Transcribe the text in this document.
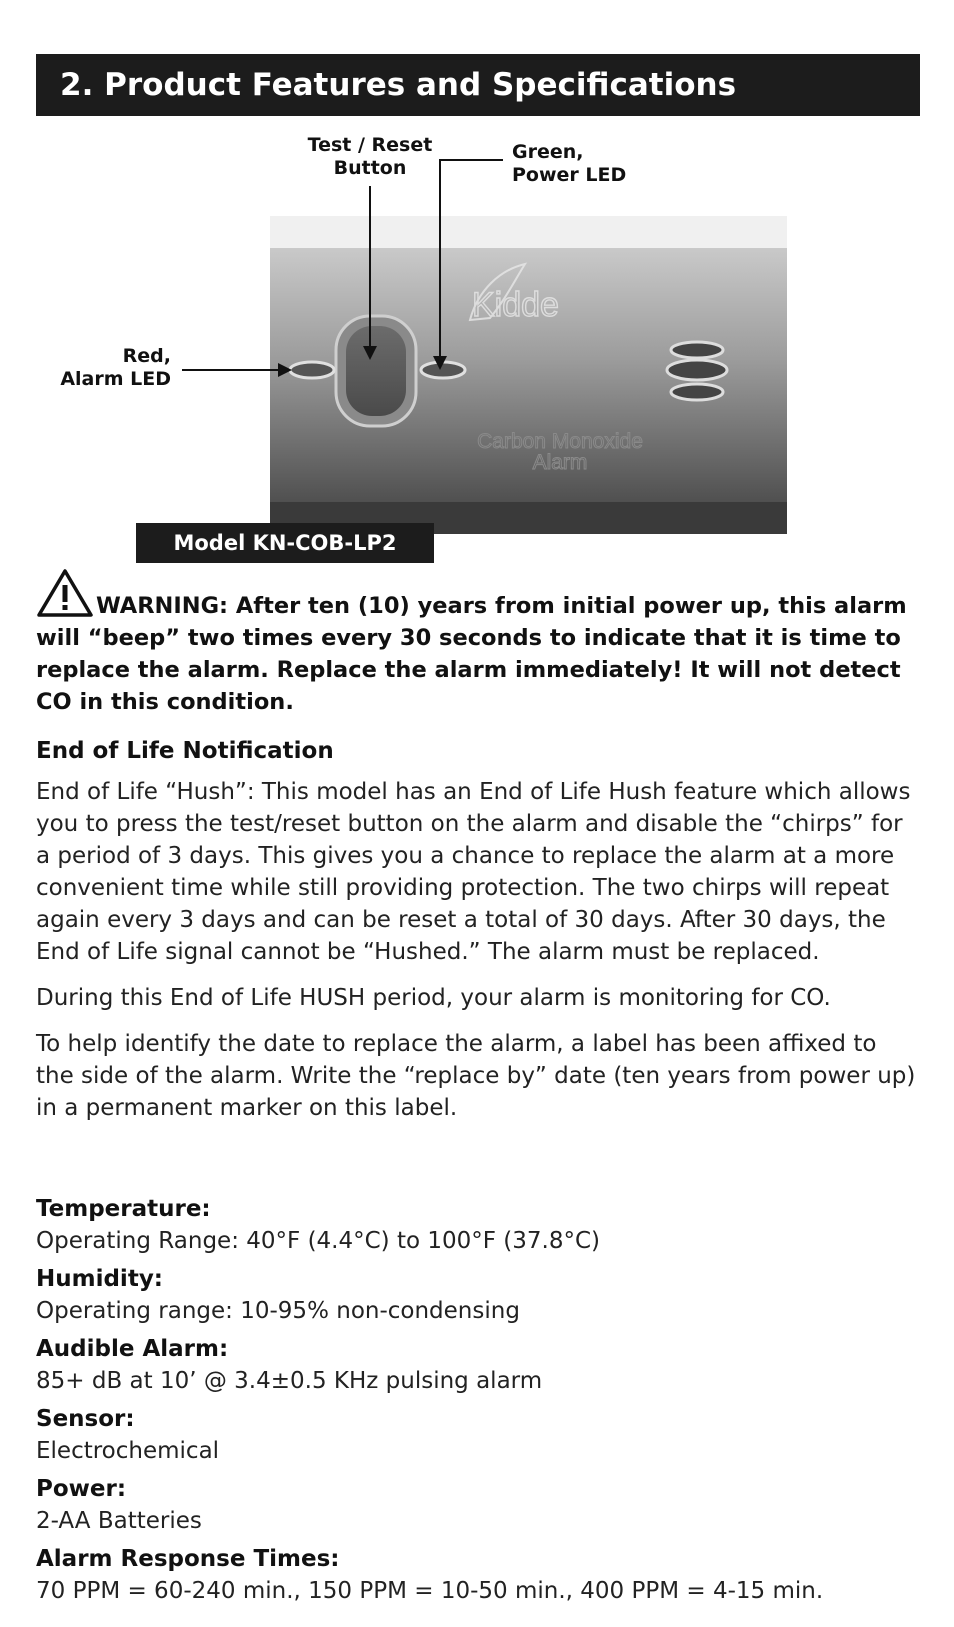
2. Product Features and Specifications
Kidde
Carbon Monoxide
Alarm
Test / Reset
Button
Green,
Power LED
Red,
Alarm LED
Model KN-COB-LP2

WARNING: After ten (10) years from initial power up, this alarm will “beep” two times every 30 seconds to indicate that it is time to replace the alarm. Replace the alarm immediately! It will not detect CO in this condition.

End of Life Notification

End of Life “Hush”: This model has an End of Life Hush feature which allows you to press the test/reset button on the alarm and disable the “chirps” for a period of 3 days. This gives you a chance to replace the alarm at a more convenient time while still providing protection. The two chirps will repeat again every 3 days and can be reset a total of 30 days. After 30 days, the End of Life signal cannot be “Hushed.” The alarm must be replaced.

During this End of Life HUSH period, your alarm is monitoring for CO.

To help identify the date to replace the alarm, a label has been affixed to the side of the alarm. Write the “replace by” date (ten years from power up) in a permanent marker on this label.

Temperature:
Operating Range: 40°F (4.4°C) to 100°F (37.8°C)
Humidity:
Operating range: 10-95% non-condensing
Audible Alarm:
85+ dB at 10’ @ 3.4±0.5 KHz pulsing alarm
Sensor:
Electrochemical
Power:
2-AA Batteries
Alarm Response Times:
70 PPM = 60-240 min., 150 PPM = 10-50 min., 400 PPM = 4-15 min.
